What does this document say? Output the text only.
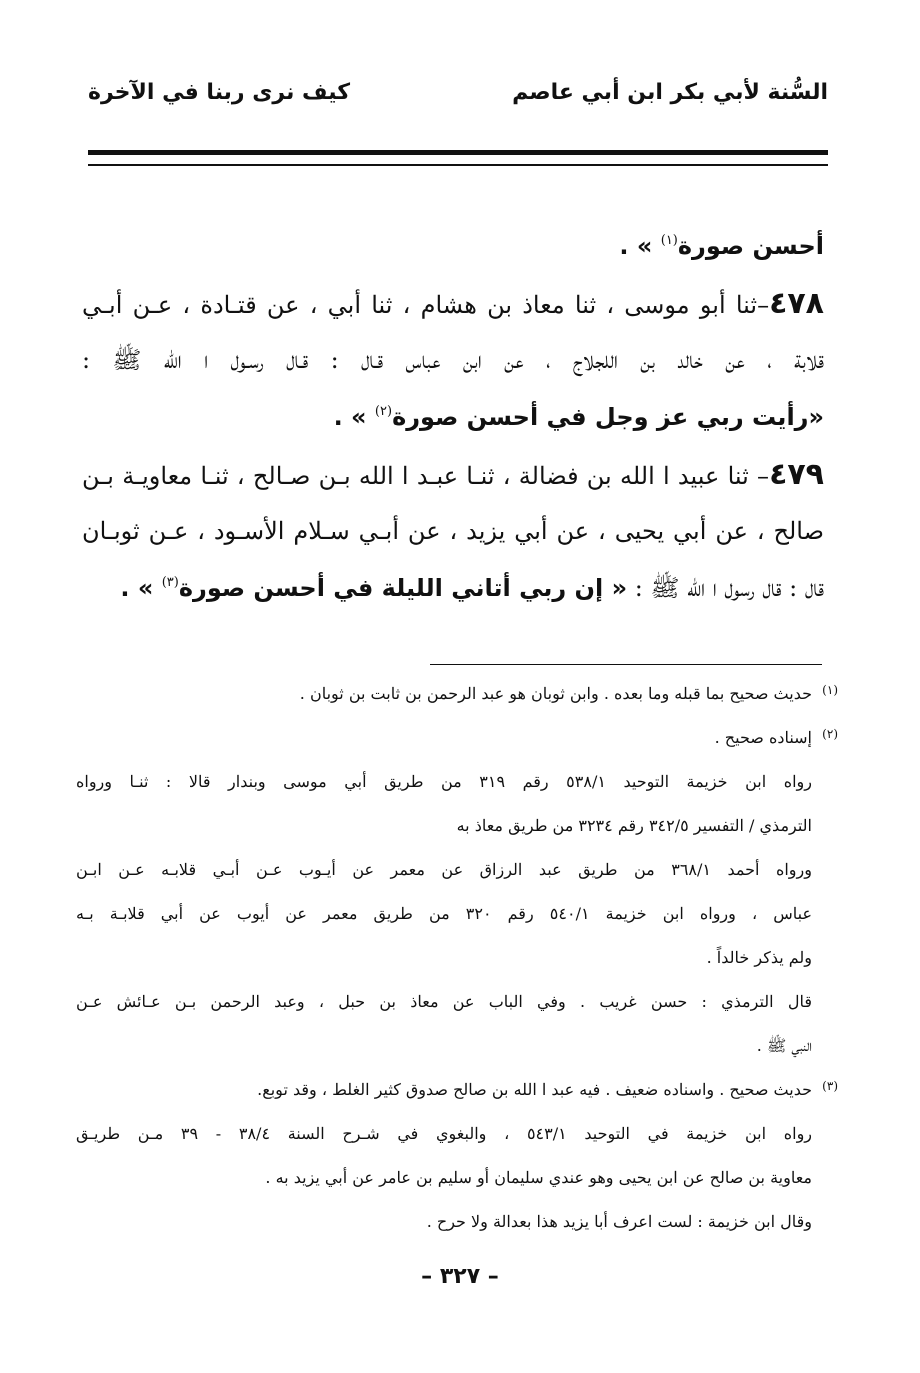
السُّنة لأبي بكر ابن أبي عاصم
كيف نرى ربنا في الآخرة
أحسن صورة$^{(١)}$ » .
٤٧٨–ثنا أبو موسى ، ثنا معاذ بن هشام ، ثنا أبي ، عن قتـادة ، عـن أبـي
قلابة ، عن خالد بن اللجلاج ، عن ابن عباس قـال : قـال رسـول ا الله ﷺ :
«رأيت ربي عز وجل في أحسن صورة$^{(٢)}$ » .
٤٧٩– ثنا عبيد ا الله بن فضالة ، ثنـا عبـد ا الله بـن صـالح ، ثنـا معاويـة بـن
صالح ، عن أبي يحيى ، عن أبي يزيد ، عن أبـي سـلام الأسـود ، عـن ثوبـان
قال : قال رسول ا الله ﷺ : « إن ربي أتاني الليلة في أحسن صورة$^{(٣)}$ » .
(١)
حديث صحيح بما قبله وما بعده . وابن ثوبان هو عبد الرحمن بن ثابت بن ثوبان .
(٢)
إسناده صحيح .
رواه ابن خزيمة التوحيد ٥٣٨/١ رقم ٣١٩ من طريق أبي موسى وبندار قالا : ثنـا ورواه
الترمذي / التفسير ٣٤٢/٥ رقم ٣٢٣٤ من طريق معاذ به
ورواه أحمد ٣٦٨/١ من طريق عبد الرزاق عن معمر عن أيـوب عـن أبـي قلابـه عـن ابـن
عباس ، ورواه ابن خزيمة ٥٤٠/١ رقم ٣٢٠ من طريق معمر عن أيوب عن أبي قلابـة بـه
ولم يذكر خالداً .
قال الترمذي : حسن غريب . وفي الباب عن معاذ بن حبل ، وعبد الرحمن بـن عـائش عـن
النبي ﷺ .
(٣)
حديث صحيح . واسناده ضعيف . فيه عبد ا الله بن صالح صدوق كثير الغلط ، وقد توبع.
رواه ابن خزيمة في التوحيد ٥٤٣/١ ، والبغوي في شـرح السنة ٣٨/٤ - ٣٩ مـن طريـق
معاوية بن صالح عن ابن يحيى وهو عندي سليمان أو سليم بن عامر عن أبي يزيد به .
وقال ابن خزيمة : لست اعرف أبا يزيد هذا بعدالة ولا حرح .
– ٣٢٧ –
